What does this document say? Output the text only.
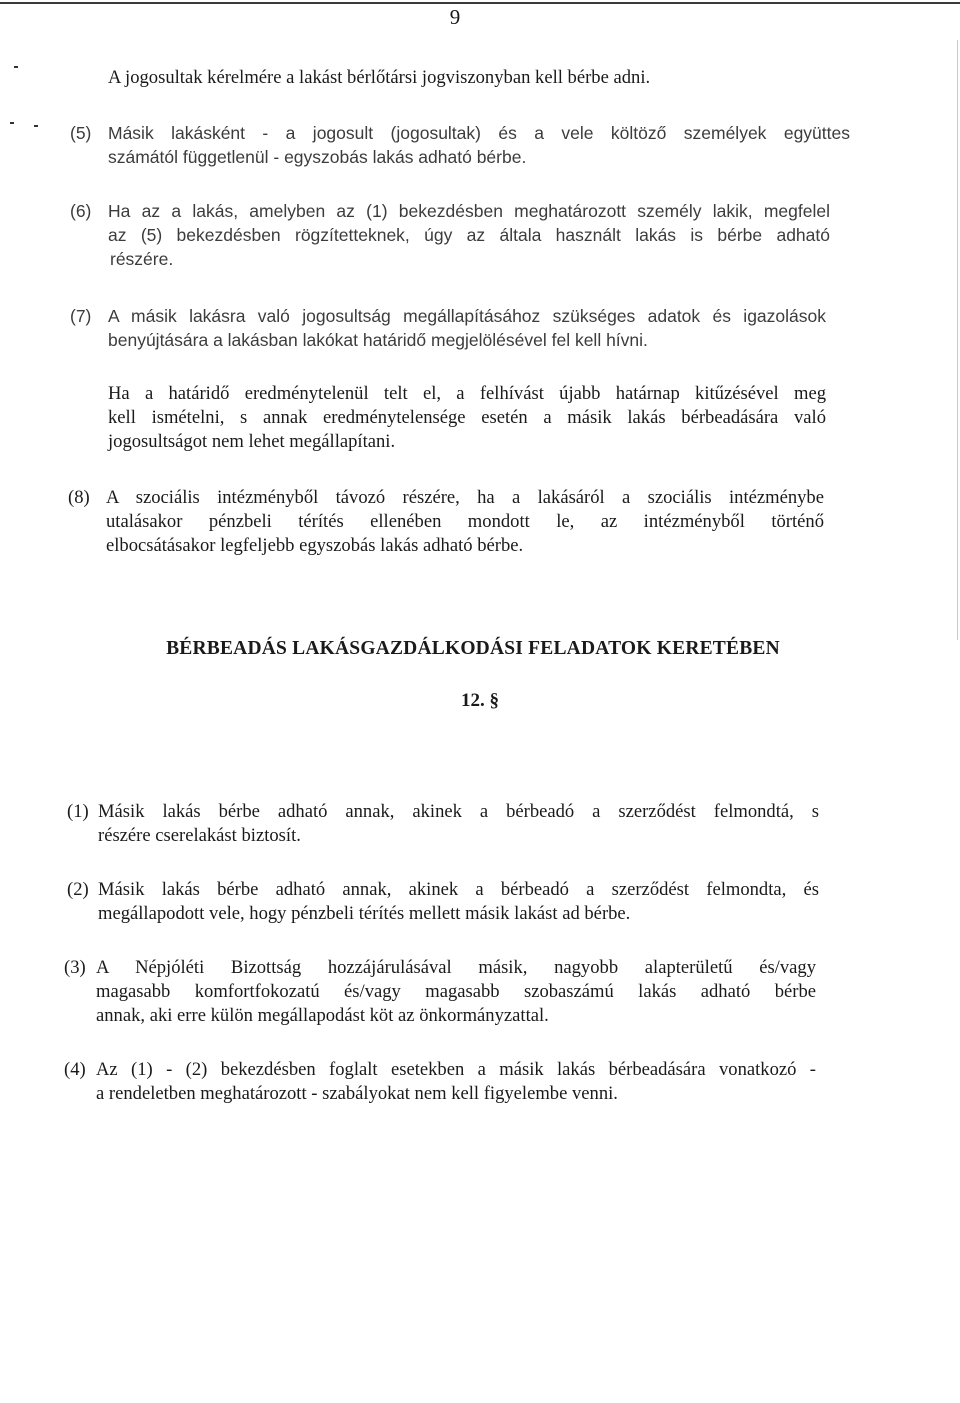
9
A jogosultak kérelmére a lakást bérlőtársi jogviszonyban kell bérbe adni.
(5) Másik lakásként - a jogosult (jogosultak) és a vele költöző személyek együttes
számától függetlenül - egyszobás lakás adható bérbe.
(6) Ha az a lakás, amelyben az (1) bekezdésben meghatározott személy lakik, megfelel
az (5) bekezdésben rögzítetteknek, úgy az általa használt lakás is bérbe adható
részére.
(7) A másik lakásra való jogosultság megállapításához szükséges adatok és igazolások
benyújtására a lakásban lakókat határidő megjelölésével fel kell hívni.
Ha a határidő eredménytelenül telt el, a felhívást újabb határnap kitűzésével meg
kell ismételni, s annak eredménytelensége esetén a másik lakás bérbeadására való
jogosultságot nem lehet megállapítani.
(8) A szociális intézményből távozó részére, ha a lakásáról a szociális intézménybe
utalásakor pénzbeli térítés ellenében mondott le, az intézményből történő
elbocsátásakor legfeljebb egyszobás lakás adható bérbe.
BÉRBEADÁS LAKÁSGAZDÁLKODÁSI FELADATOK KERETÉBEN
12. §
(1) Másik lakás bérbe adható annak, akinek a bérbeadó a szerződést felmondtá, s
részére cserelakást biztosít.
(2) Másik lakás bérbe adható annak, akinek a bérbeadó a szerződést felmondta, és
megállapodott vele, hogy pénzbeli térítés mellett másik lakást ad bérbe.
(3) A Népjóléti Bizottság hozzájárulásával másik, nagyobb alapterületű és/vagy
magasabb komfortfokozatú és/vagy magasabb szobaszámú lakás adható bérbe
annak, aki erre külön megállapodást köt az önkormányzattal.
(4) Az (1) - (2) bekezdésben foglalt esetekben a másik lakás bérbeadására vonatkozó -
a rendeletben meghatározott - szabályokat nem kell figyelembe venni.
